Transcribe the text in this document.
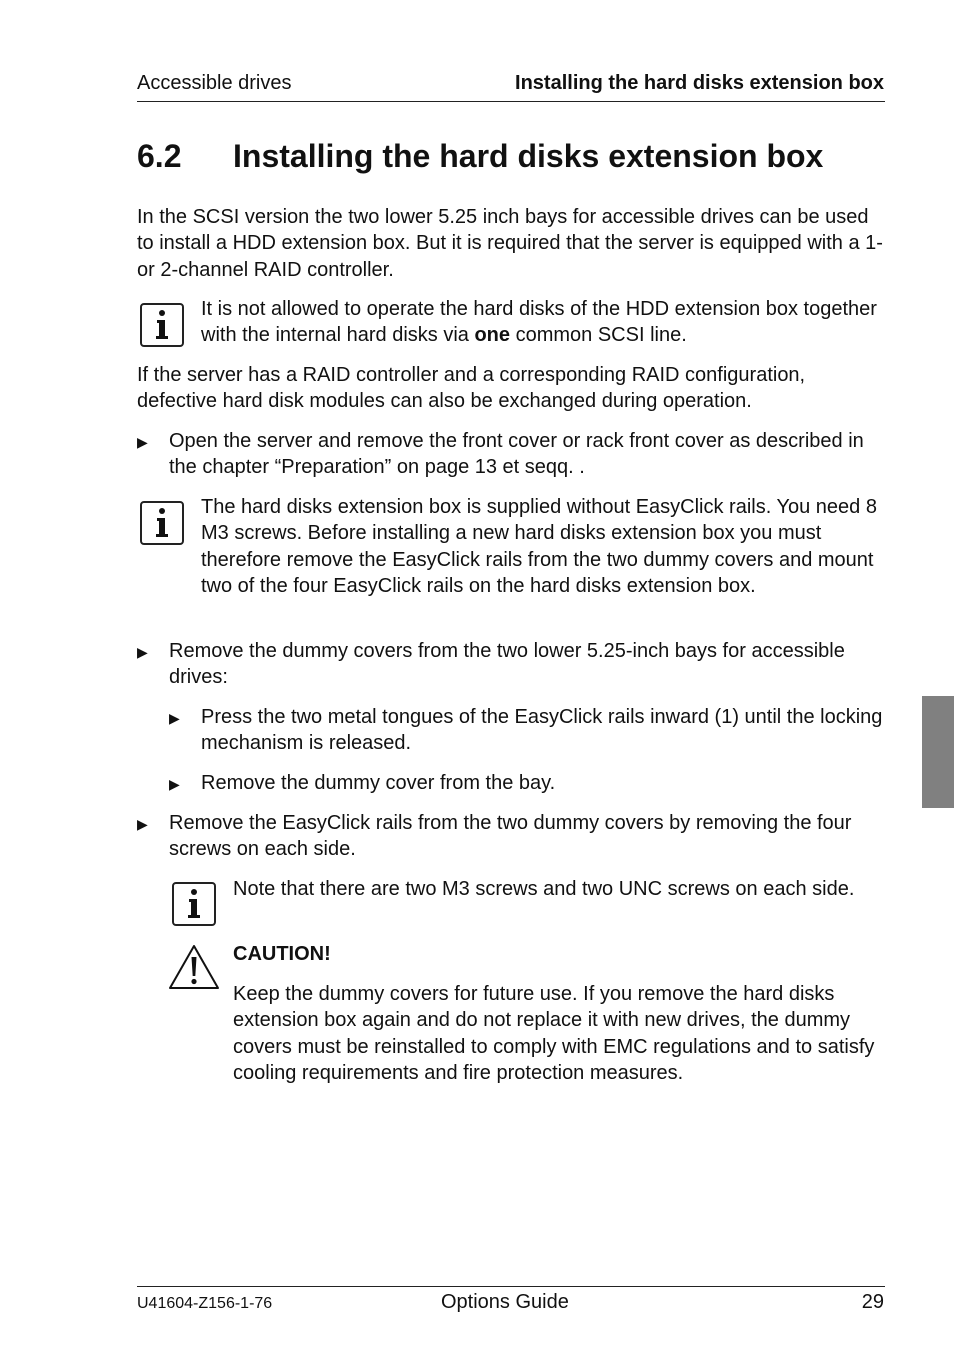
Accessible drives	Installing the hard disks extension box
6.2 Installing the hard disks extension box
In the SCSI version the two lower 5.25 inch bays for accessible drives can be used to install a HDD extension box. But it is required that the server is equipped with a 1- or 2-channel RAID controller.
It is not allowed to operate the hard disks of the HDD extension box together with the internal hard disks via one common SCSI line.
If the server has a RAID controller and a corresponding RAID configuration, defective hard disk modules can also be exchanged during operation.
▶ Open the server and remove the front cover or rack front cover as described in the chapter “Preparation” on page 13 et seqq. .
The hard disks extension box is supplied without EasyClick rails. You need 8 M3 screws. Before installing a new hard disks extension box you must therefore remove the EasyClick rails from the two dummy covers and mount two of the four EasyClick rails on the hard disks extension box.
▶ Remove the dummy covers from the two lower 5.25-inch bays for accessible drives:
▶ Press the two metal tongues of the EasyClick rails inward (1) until the locking mechanism is released.
▶ Remove the dummy cover from the bay.
▶ Remove the EasyClick rails from the two dummy covers by removing the four screws on each side.
Note that there are two M3 screws and two UNC screws on each side.
CAUTION!
Keep the dummy covers for future use. If you remove the hard disks extension box again and do not replace it with new drives, the dummy covers must be reinstalled to comply with EMC regulations and to satisfy cooling requirements and fire protection measures.
U41604-Z156-1-76	Options Guide	29
